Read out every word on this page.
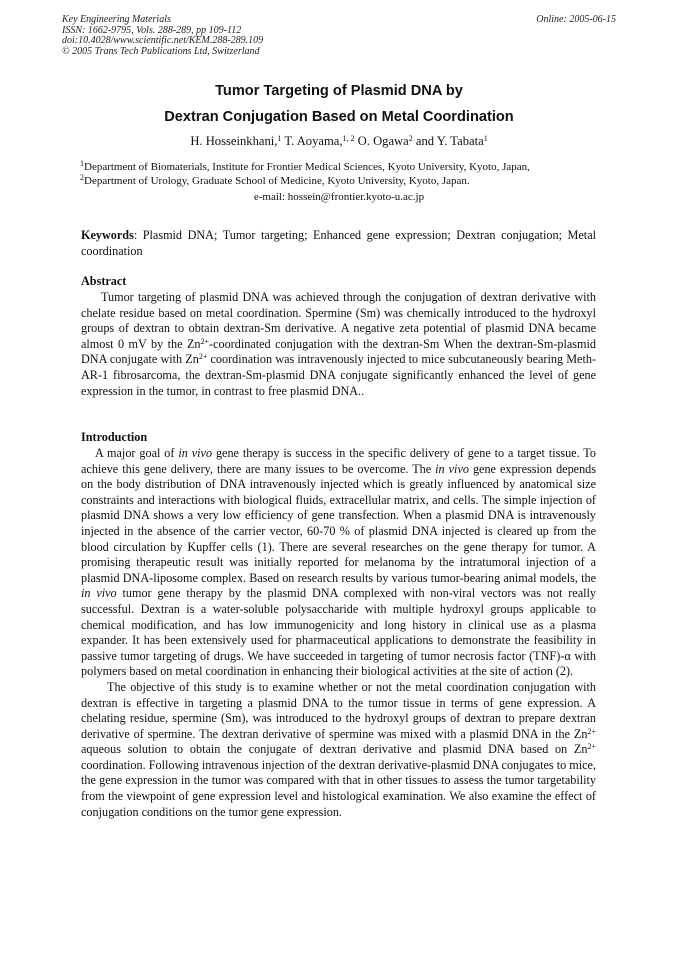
Key Engineering Materials
ISSN: 1662-9795, Vols. 288-289, pp 109-112
doi:10.4028/www.scientific.net/KEM.288-289.109
© 2005 Trans Tech Publications Ltd, Switzerland
Online: 2005-06-15
Tumor Targeting of Plasmid DNA by
Dextran Conjugation Based on Metal Coordination
H. Hosseinkhani,$^1$ T. Aoyama,$^{1, 2}$ O. Ogawa$^2$ and Y. Tabata$^1$
$^1$Department of Biomaterials, Institute for Frontier Medical Sciences, Kyoto University, Kyoto, Japan,
$^2$Department of Urology, Graduate School of Medicine, Kyoto University, Kyoto, Japan.
e-mail: hossein@frontier.kyoto-u.ac.jp
Keywords: Plasmid DNA; Tumor targeting; Enhanced gene expression; Dextran conjugation; Metal coordination
Abstract
Tumor targeting of plasmid DNA was achieved through the conjugation of dextran derivative with chelate residue based on metal coordination. Spermine (Sm) was chemically introduced to the hydroxyl groups of dextran to obtain dextran-Sm derivative. A negative zeta potential of plasmid DNA became almost 0 mV by the $Zn^{2+}$-coordinated conjugation with the dextran-Sm When the dextran-Sm-plasmid DNA conjugate with $Zn^{2+}$ coordination was intravenously injected to mice subcutaneously bearing Meth-AR-1 fibrosarcoma, the dextran-Sm-plasmid DNA conjugate significantly enhanced the level of gene expression in the tumor, in contrast to free plasmid DNA..
Introduction

A major goal of in vivo gene therapy is success in the specific delivery of gene to a target tissue. To achieve this gene delivery, there are many issues to be overcome. The in vivo gene expression depends on the body distribution of DNA intravenously injected which is greatly influenced by anatomical size constraints and interactions with biological fluids, extracellular matrix, and cells. The simple injection of plasmid DNA shows a very low efficiency of gene transfection. When a plasmid DNA is intravenously injected in the absence of the carrier vector, 60-70 % of plasmid DNA injected is cleared up from the blood circulation by Kupffer cells (1). There are several researches on the gene therapy for tumor. A promising therapeutic result was initially reported for melanoma by the intratumoral injection of a plasmid DNA-liposome complex. Based on research results by various tumor-bearing animal models, the in vivo tumor gene therapy by the plasmid DNA complexed with non-viral vectors was not really successful. Dextran is a water-soluble polysaccharide with multiple hydroxyl groups applicable to chemical modification, and has low immunogenicity and long history in clinical use as a plasma expander. It has been extensively used for pharmaceutical applications to demonstrate the feasibility in passive tumor targeting of drugs. We have succeeded in targeting of tumor necrosis factor (TNF)-α with polymers based on metal coordination in enhancing their biological activities at the site of action (2).

The objective of this study is to examine whether or not the metal coordination conjugation with dextran is effective in targeting a plasmid DNA to the tumor tissue in terms of gene expression. A chelating residue, spermine (Sm), was introduced to the hydroxyl groups of dextran to prepare dextran derivative of spermine. The dextran derivative of spermine was mixed with a plasmid DNA in the $Zn^{2+}$ aqueous solution to obtain the conjugate of dextran derivative and plasmid DNA based on $Zn^{2+}$ coordination. Following intravenous injection of the dextran derivative-plasmid DNA conjugates to mice, the gene expression in the tumor was compared with that in other tissues to assess the tumor targetability from the viewpoint of gene expression level and histological examination. We also examine the effect of conjugation conditions on the tumor gene expression.
